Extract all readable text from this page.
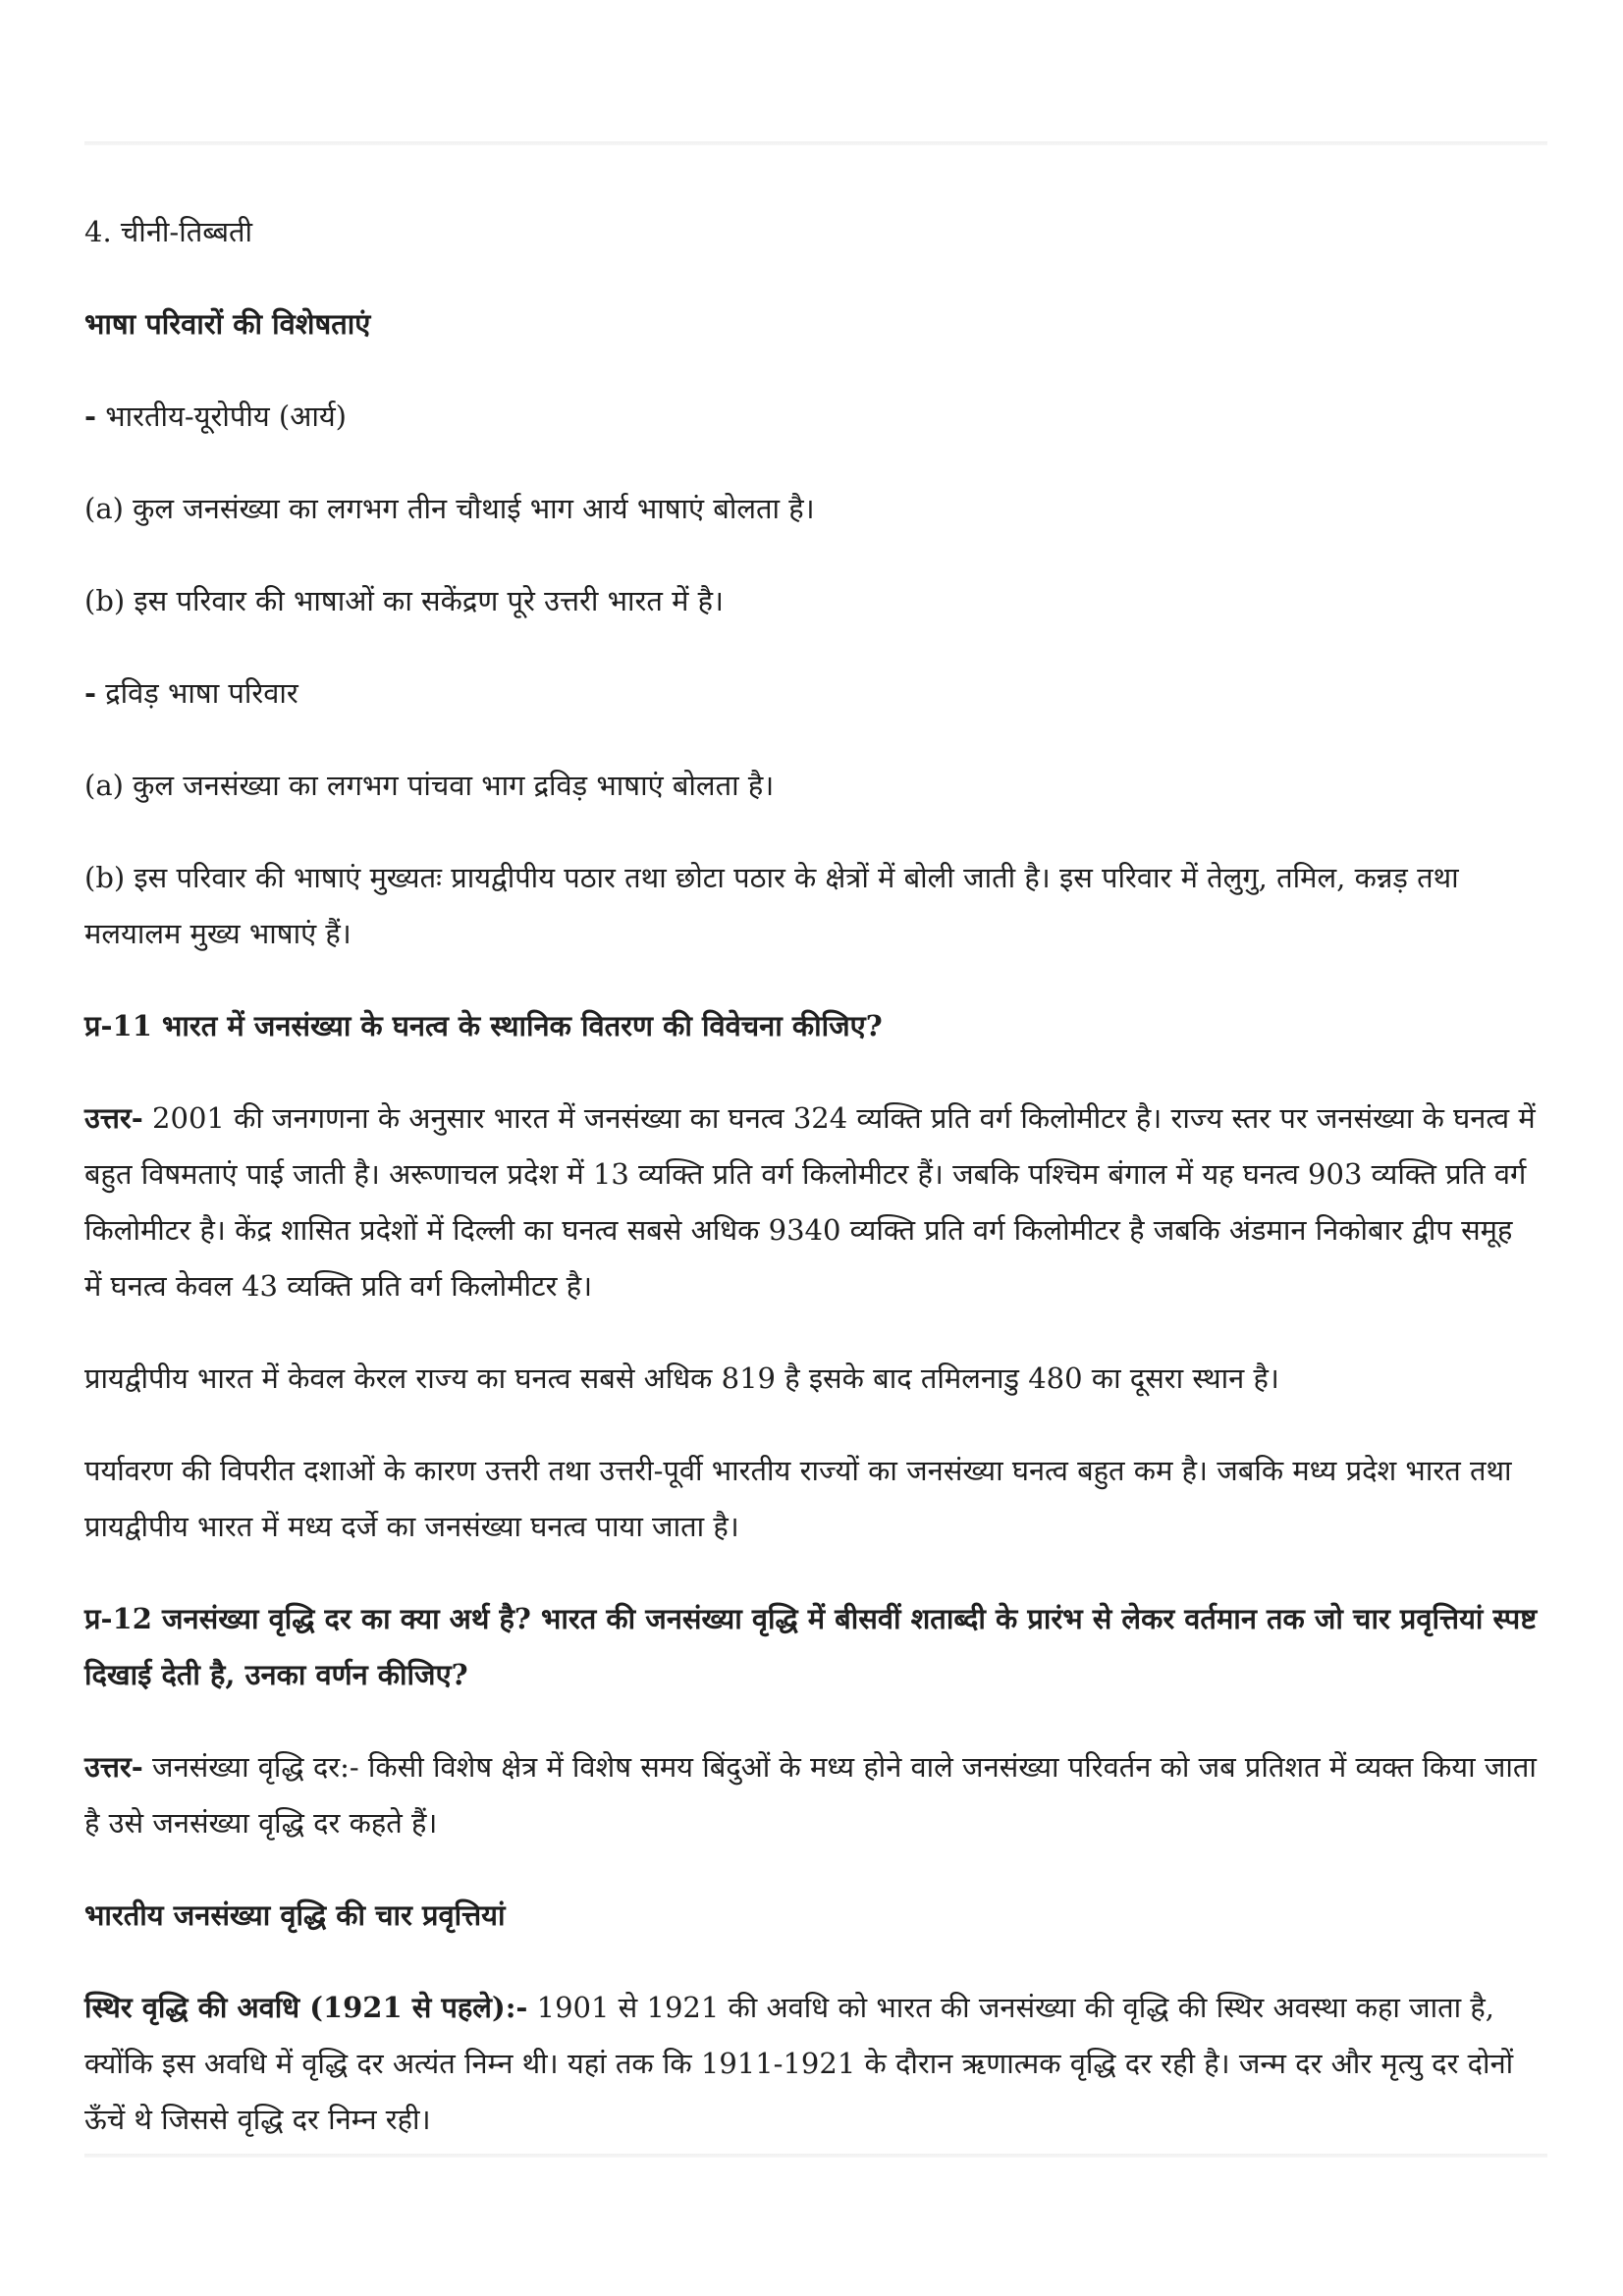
4. चीनी-तिब्बती

भाषा परिवारों की विशेषताएं

- भारतीय-यूरोपीय (आर्य)

(a) कुल जनसंख्या का लगभग तीन चौथाई भाग आर्य भाषाएं बोलता है।

(b) इस परिवार की भाषाओं का सकेंद्रण पूरे उत्तरी भारत में है।

- द्रविड़ भाषा परिवार

(a) कुल जनसंख्या का लगभग पांचवा भाग द्रविड़ भाषाएं बोलता है।

(b) इस परिवार की भाषाएं मुख्यतः प्रायद्वीपीय पठार तथा छोटा पठार के क्षेत्रों में बोली जाती है। इस परिवार में तेलुगु, तमिल, कन्नड़ तथा मलयालम मुख्य भाषाएं हैं।

प्र-11 भारत में जनसंख्या के घनत्व के स्थानिक वितरण की विवेचना कीजिए?

उत्तर- 2001 की जनगणना के अनुसार भारत में जनसंख्या का घनत्व 324 व्यक्ति प्रति वर्ग किलोमीटर है। राज्य स्तर पर जनसंख्या के घनत्व में बहुत विषमताएं पाई जाती है। अरूणाचल प्रदेश में 13 व्यक्ति प्रति वर्ग किलोमीटर हैं। जबकि पश्चिम बंगाल में यह घनत्व 903 व्यक्ति प्रति वर्ग किलोमीटर है। केंद्र शासित प्रदेशों में दिल्ली का घनत्व सबसे अधिक 9340 व्यक्ति प्रति वर्ग किलोमीटर है जबकि अंडमान निकोबार द्वीप समूह में घनत्व केवल 43 व्यक्ति प्रति वर्ग किलोमीटर है।

प्रायद्वीपीय भारत में केवल केरल राज्य का घनत्व सबसे अधिक 819 है इसके बाद तमिलनाडु 480 का दूसरा स्थान है।

पर्यावरण की विपरीत दशाओं के कारण उत्तरी तथा उत्तरी-पूर्वी भारतीय राज्यों का जनसंख्या घनत्व बहुत कम है। जबकि मध्य प्रदेश भारत तथा प्रायद्वीपीय भारत में मध्य दर्जे का जनसंख्या घनत्व पाया जाता है।

प्र-12 जनसंख्या वृद्धि दर का क्या अर्थ है? भारत की जनसंख्या वृद्धि में बीसवीं शताब्दी के प्रारंभ से लेकर वर्तमान तक जो चार प्रवृत्तियां स्पष्ट दिखाई देती है, उनका वर्णन कीजिए?

उत्तर- जनसंख्या वृद्धि दर:- किसी विशेष क्षेत्र में विशेष समय बिंदुओं के मध्य होने वाले जनसंख्या परिवर्तन को जब प्रतिशत में व्यक्त किया जाता है उसे जनसंख्या वृद्धि दर कहते हैं।

भारतीय जनसंख्या वृद्धि की चार प्रवृत्तियां

स्थिर वृद्धि की अवधि (1921 से पहले):- 1901 से 1921 की अवधि को भारत की जनसंख्या की वृद्धि की स्थिर अवस्था कहा जाता है, क्योंकि इस अवधि में वृद्धि दर अत्यंत निम्न थी। यहां तक कि 1911-1921 के दौरान ऋणात्मक वृद्धि दर रही है। जन्म दर और मृत्यु दर दोनों ऊँचें थे जिससे वृद्धि दर निम्न रही।
